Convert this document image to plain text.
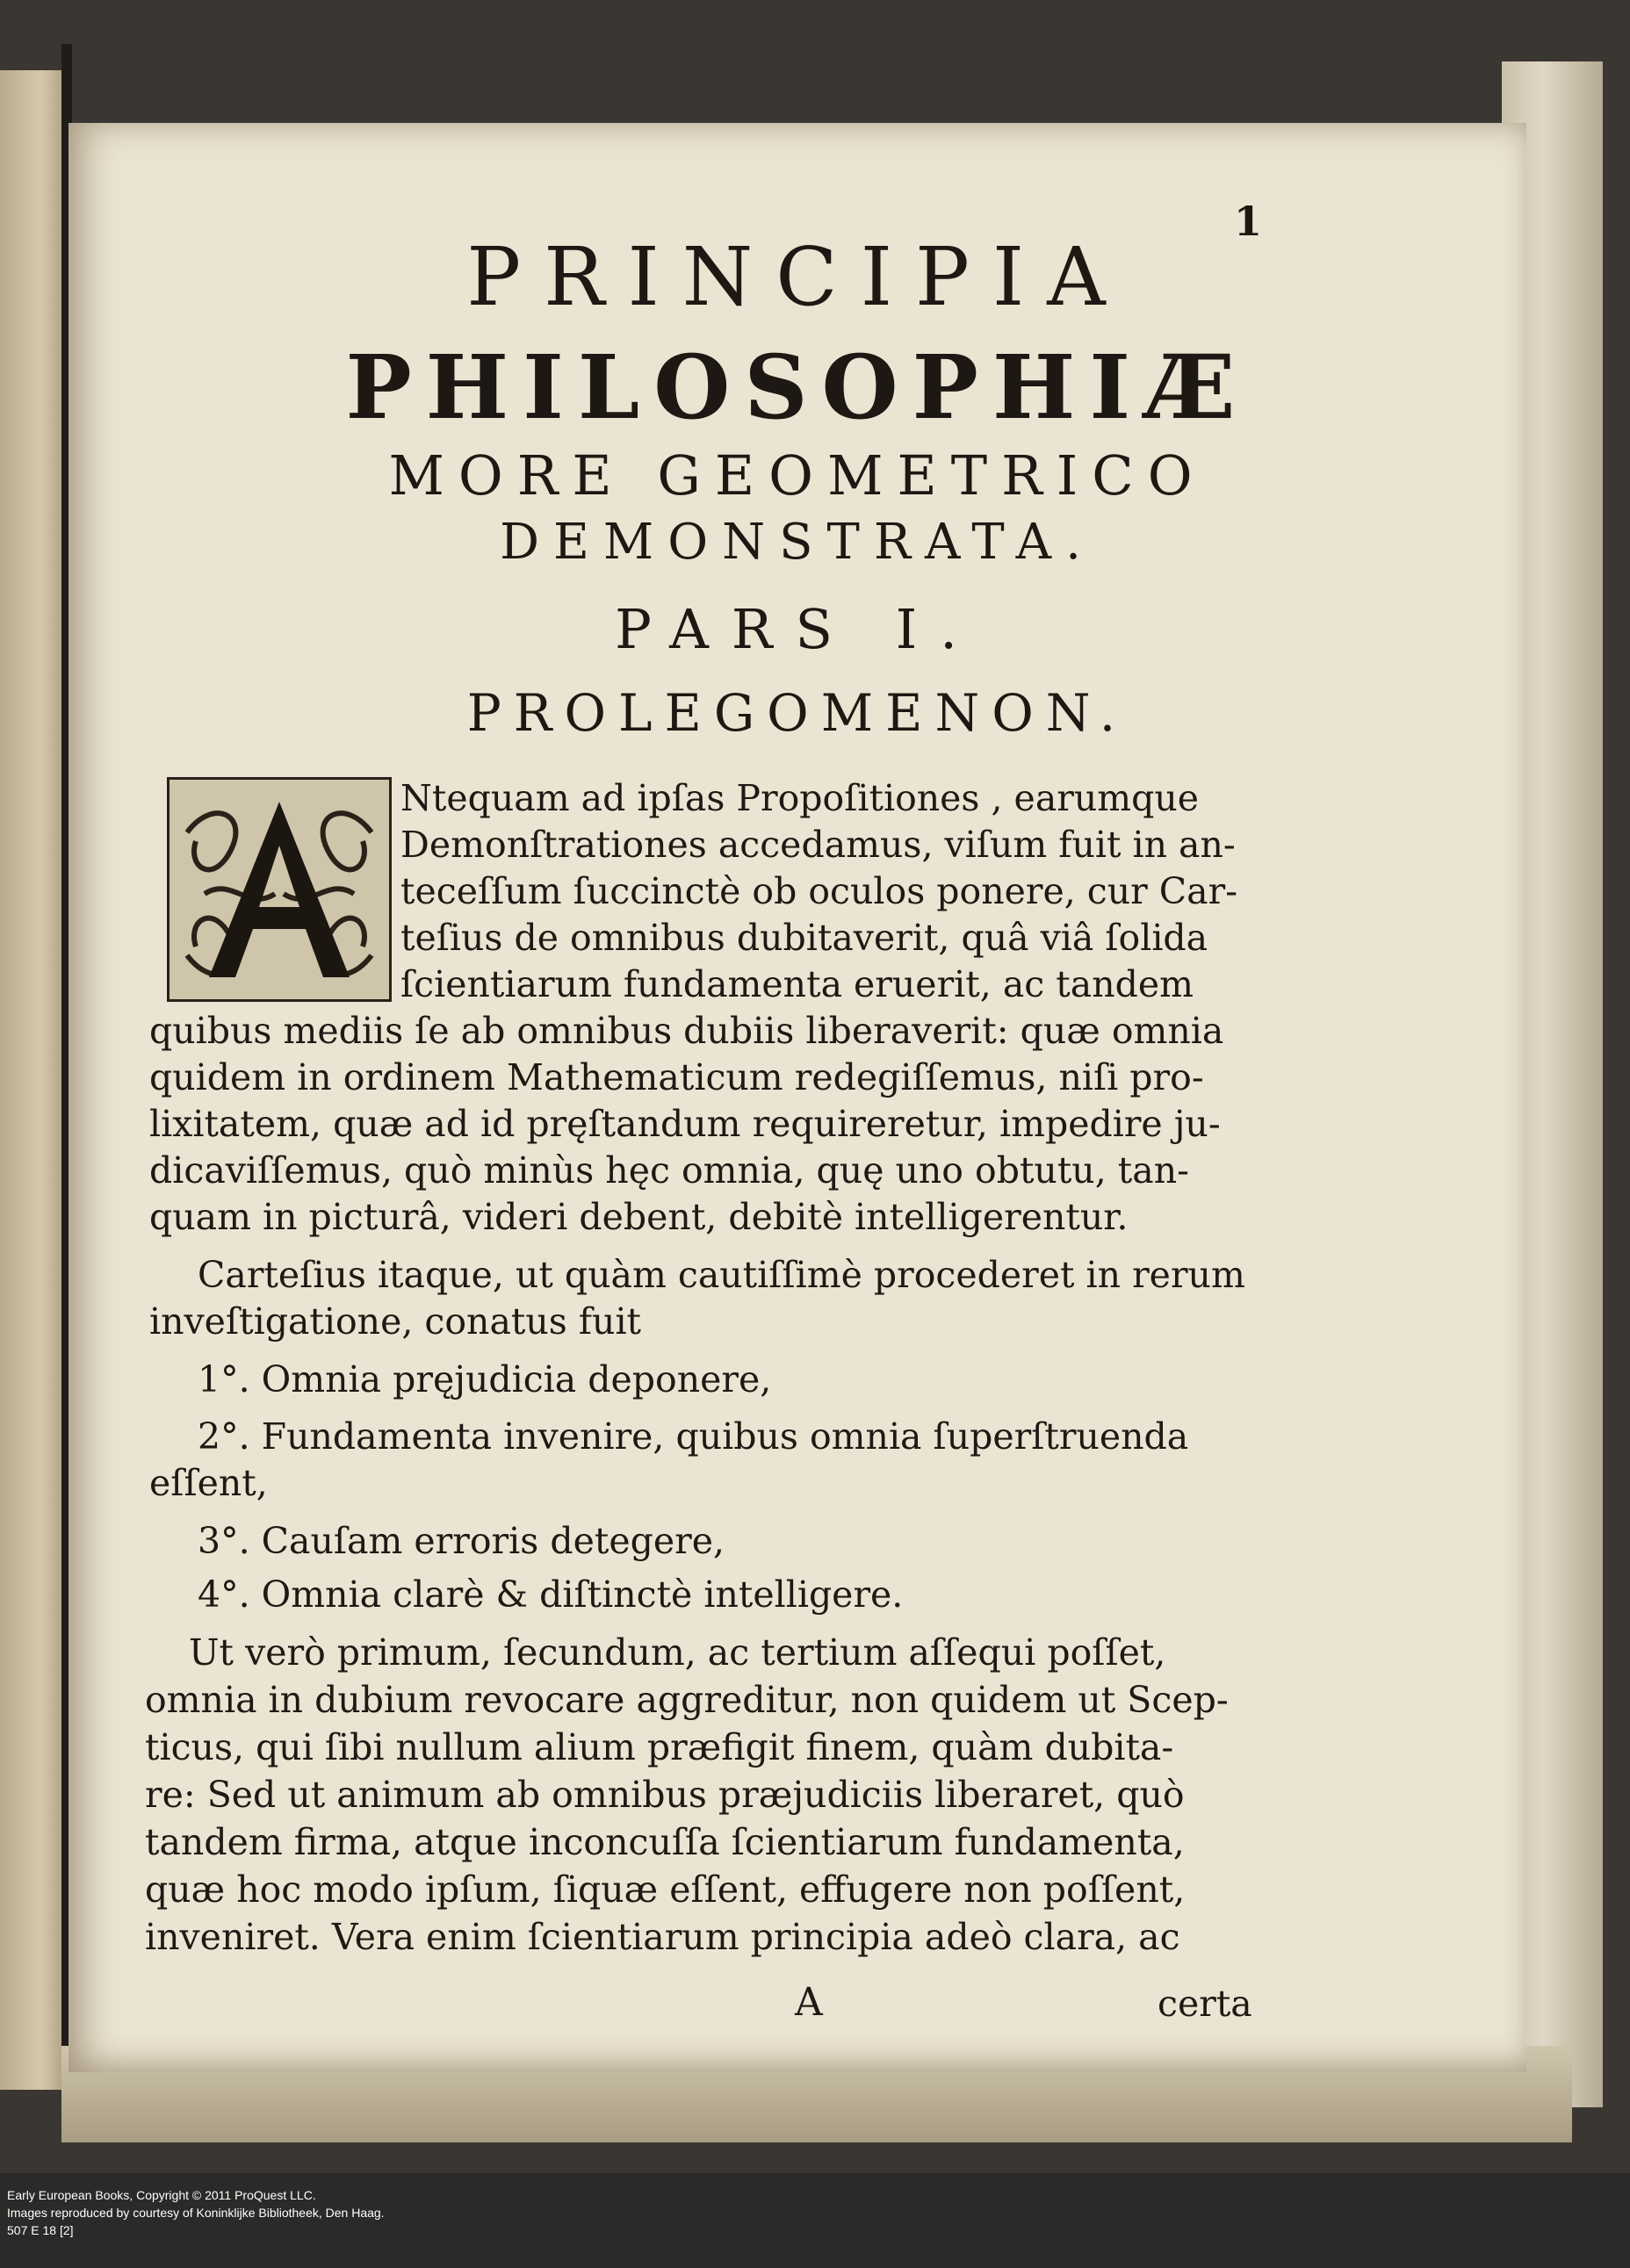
1
PRINCIPIA
PHILOSOPHIÆ
MORE GEOMETRICO
DEMONSTRATA.
PARS I.
PROLEGOMENON.
Ntequam ad ipſas Propoſitiones , earumque
Demonſtrationes accedamus, viſum fuit in an-
teceſſum ſuccinctè ob oculos ponere, cur Car-
teſius de omnibus dubitaverit, quâ viâ ſolida
ſcientiarum fundamenta eruerit, ac tandem
quibus mediis ſe ab omnibus dubiis liberaverit: quæ omnia
quidem in ordinem Mathematicum redegiſſemus, niſi pro-
lixitatem, quæ ad id pręſtandum requireretur, impedire ju-
dicaviſſemus, quò minùs hęc omnia, quę uno obtutu, tan-
quam in picturâ, videri debent, debitè intelligerentur.
Carteſius itaque, ut quàm cautiſſimè procederet in rerum
inveſtigatione, conatus fuit
1°. Omnia pręjudicia deponere,
2°. Fundamenta invenire, quibus omnia ſuperſtruenda
eſſent,
3°. Cauſam erroris detegere,
4°. Omnia clarè & diſtinctè intelligere.
Ut verò primum, ſecundum, ac tertium aſſequi poſſet,
omnia in dubium revocare aggreditur, non quidem ut Scep-
ticus, qui ſibi nullum alium præfigit finem, quàm dubita-
re: Sed ut animum ab omnibus præjudiciis liberaret, quò
tandem firma, atque inconcuſſa ſcientiarum fundamenta,
quæ hoc modo ipſum, ſiquæ eſſent, effugere non poſſent,
inveniret. Vera enim ſcientiarum principia adeò clara, ac
A	certa
Early European Books, Copyright © 2011 ProQuest LLC.
Images reproduced by courtesy of Koninklijke Bibliotheek, Den Haag.
507 E 18 [2]
